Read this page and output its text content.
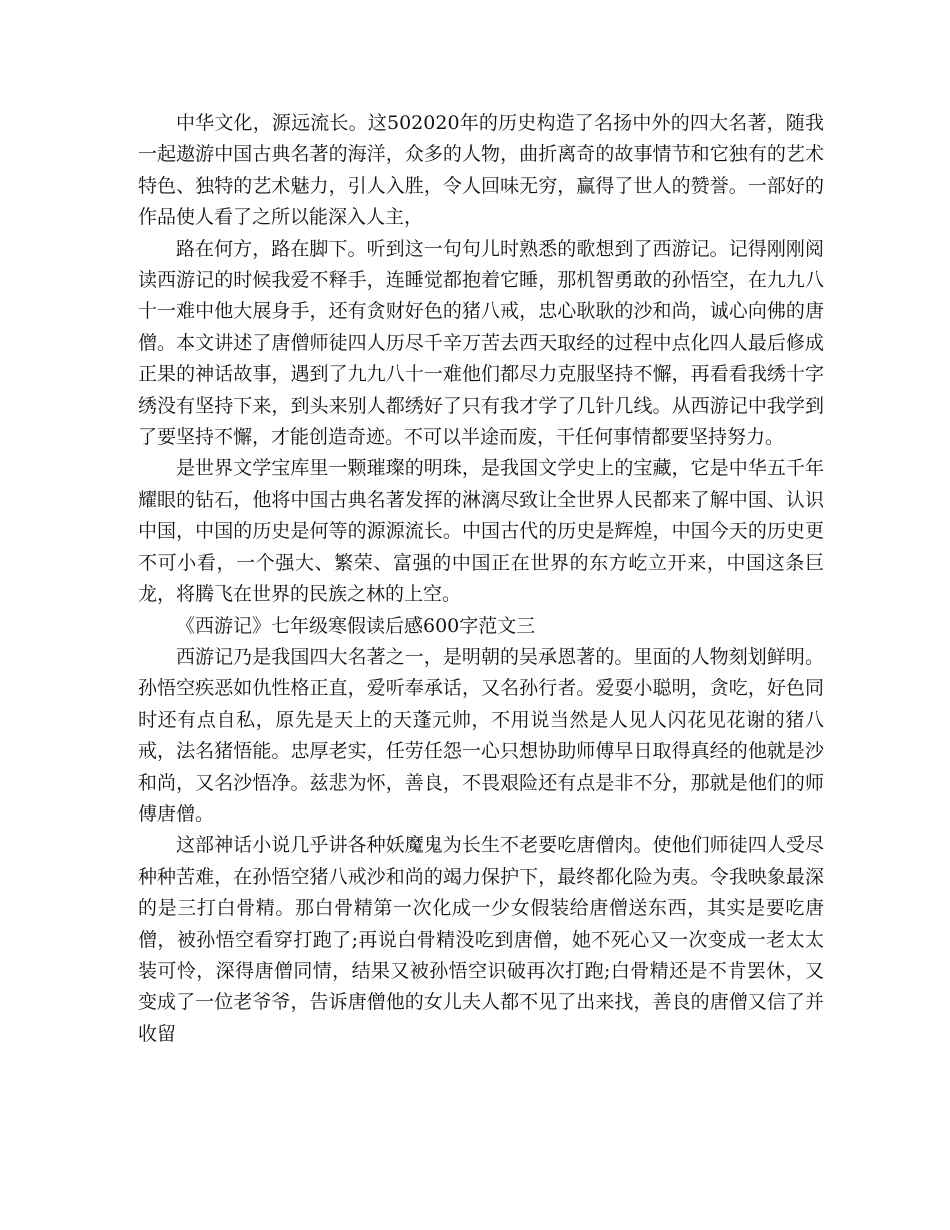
中华文化，源远流长。这502020年的历史构造了名扬中外的四大名著，随我一起遨游中国古典名著的海洋，众多的人物，曲折离奇的故事情节和它独有的艺术特色、独特的艺术魅力，引人入胜，令人回味无穷，赢得了世人的赞誉。一部好的作品使人看了之所以能深入人主，

路在何方，路在脚下。听到这一句句儿时熟悉的歌想到了西游记。记得刚刚阅读西游记的时候我爱不释手，连睡觉都抱着它睡，那机智勇敢的孙悟空，在九九八十一难中他大展身手，还有贪财好色的猪八戒，忠心耿耿的沙和尚，诚心向佛的唐僧。本文讲述了唐僧师徒四人历尽千辛万苦去西天取经的过程中点化四人最后修成正果的神话故事，遇到了九九八十一难他们都尽力克服坚持不懈，再看看我绣十字绣没有坚持下来，到头来别人都绣好了只有我才学了几针几线。从西游记中我学到了要坚持不懈，才能创造奇迹。不可以半途而废，干任何事情都要坚持努力。

是世界文学宝库里一颗璀璨的明珠，是我国文学史上的宝藏，它是中华五千年耀眼的钻石，他将中国古典名著发挥的淋漓尽致让全世界人民都来了解中国、认识中国，中国的历史是何等的源源流长。中国古代的历史是辉煌，中国今天的历史更不可小看，一个强大、繁荣、富强的中国正在世界的东方屹立开来，中国这条巨龙，将腾飞在世界的民族之林的上空。

《西游记》七年级寒假读后感600字范文三

西游记乃是我国四大名著之一，是明朝的吴承恩著的。里面的人物刻划鲜明。孙悟空疾恶如仇性格正直，爱听奉承话，又名孙行者。爱耍小聪明，贪吃，好色同时还有点自私，原先是天上的天蓬元帅，不用说当然是人见人闪花见花谢的猪八戒，法名猪悟能。忠厚老实，任劳任怨一心只想协助师傅早日取得真经的他就是沙和尚，又名沙悟净。兹悲为怀，善良，不畏艰险还有点是非不分，那就是他们的师傅唐僧。

这部神话小说几乎讲各种妖魔鬼为长生不老要吃唐僧肉。使他们师徒四人受尽种种苦难，在孙悟空猪八戒沙和尚的竭力保护下，最终都化险为夷。令我映象最深的是三打白骨精。那白骨精第一次化成一少女假装给唐僧送东西，其实是要吃唐僧，被孙悟空看穿打跑了;再说白骨精没吃到唐僧，她不死心又一次变成一老太太装可怜，深得唐僧同情，结果又被孙悟空识破再次打跑;白骨精还是不肯罢休，又变成了一位老爷爷，告诉唐僧他的女儿夫人都不见了出来找，善良的唐僧又信了并收留
